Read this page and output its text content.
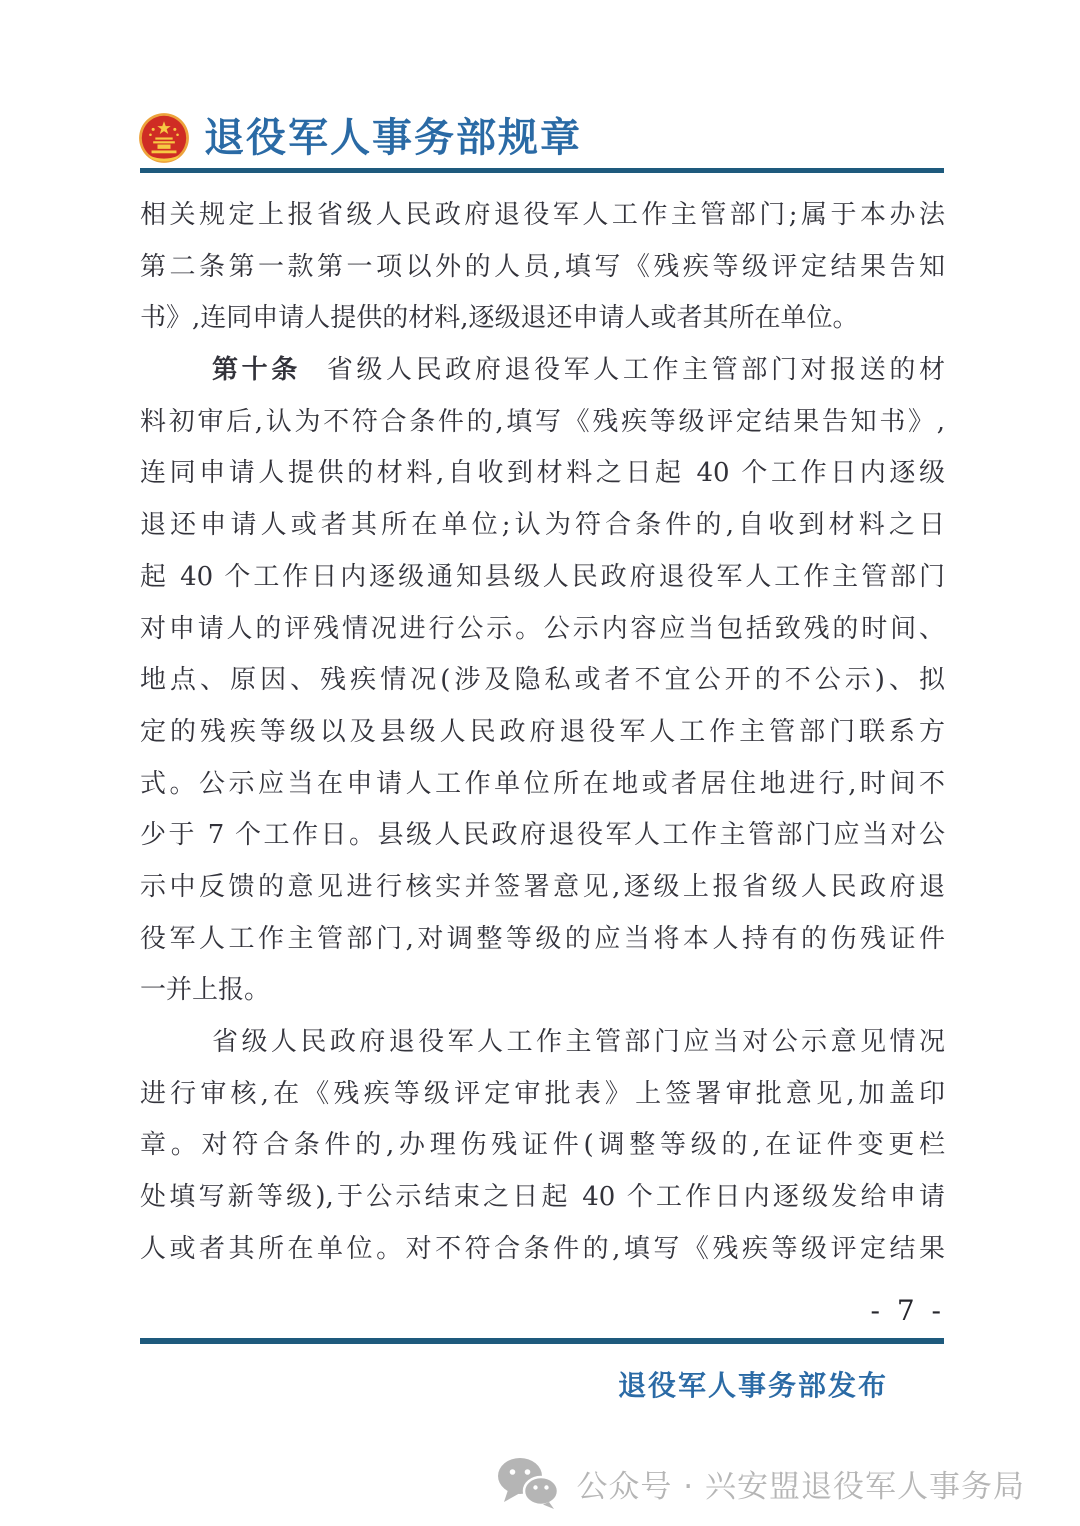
退役军人事务部规章
相关规定上报省级人民政府退役军人工作主管部门;属于本办法
第二条第一款第一项以外的人员,填写《残疾等级评定结果告知
书》,连同申请人提供的材料,逐级退还申请人或者其所在单位。
第十条 省级人民政府退役军人工作主管部门对报送的材
料初审后,认为不符合条件的,填写《残疾等级评定结果告知书》,
连同申请人提供的材料,自收到材料之日起 40 个工作日内逐级
退还申请人或者其所在单位;认为符合条件的,自收到材料之日
起 40 个工作日内逐级通知县级人民政府退役军人工作主管部门
对申请人的评残情况进行公示。公示内容应当包括致残的时间、
地点、原因、残疾情况(涉及隐私或者不宜公开的不公示)、拟
定的残疾等级以及县级人民政府退役军人工作主管部门联系方
式。公示应当在申请人工作单位所在地或者居住地进行,时间不
少于 7 个工作日。县级人民政府退役军人工作主管部门应当对公
示中反馈的意见进行核实并签署意见,逐级上报省级人民政府退
役军人工作主管部门,对调整等级的应当将本人持有的伤残证件
一并上报。
省级人民政府退役军人工作主管部门应当对公示意见情况
进行审核,在《残疾等级评定审批表》上签署审批意见,加盖印
章。对符合条件的,办理伤残证件(调整等级的,在证件变更栏
处填写新等级),于公示结束之日起 40 个工作日内逐级发给申请
人或者其所在单位。对不符合条件的,填写《残疾等级评定结果
- 7 -
退役军人事务部发布
公众号 · 兴安盟退役军人事务局
